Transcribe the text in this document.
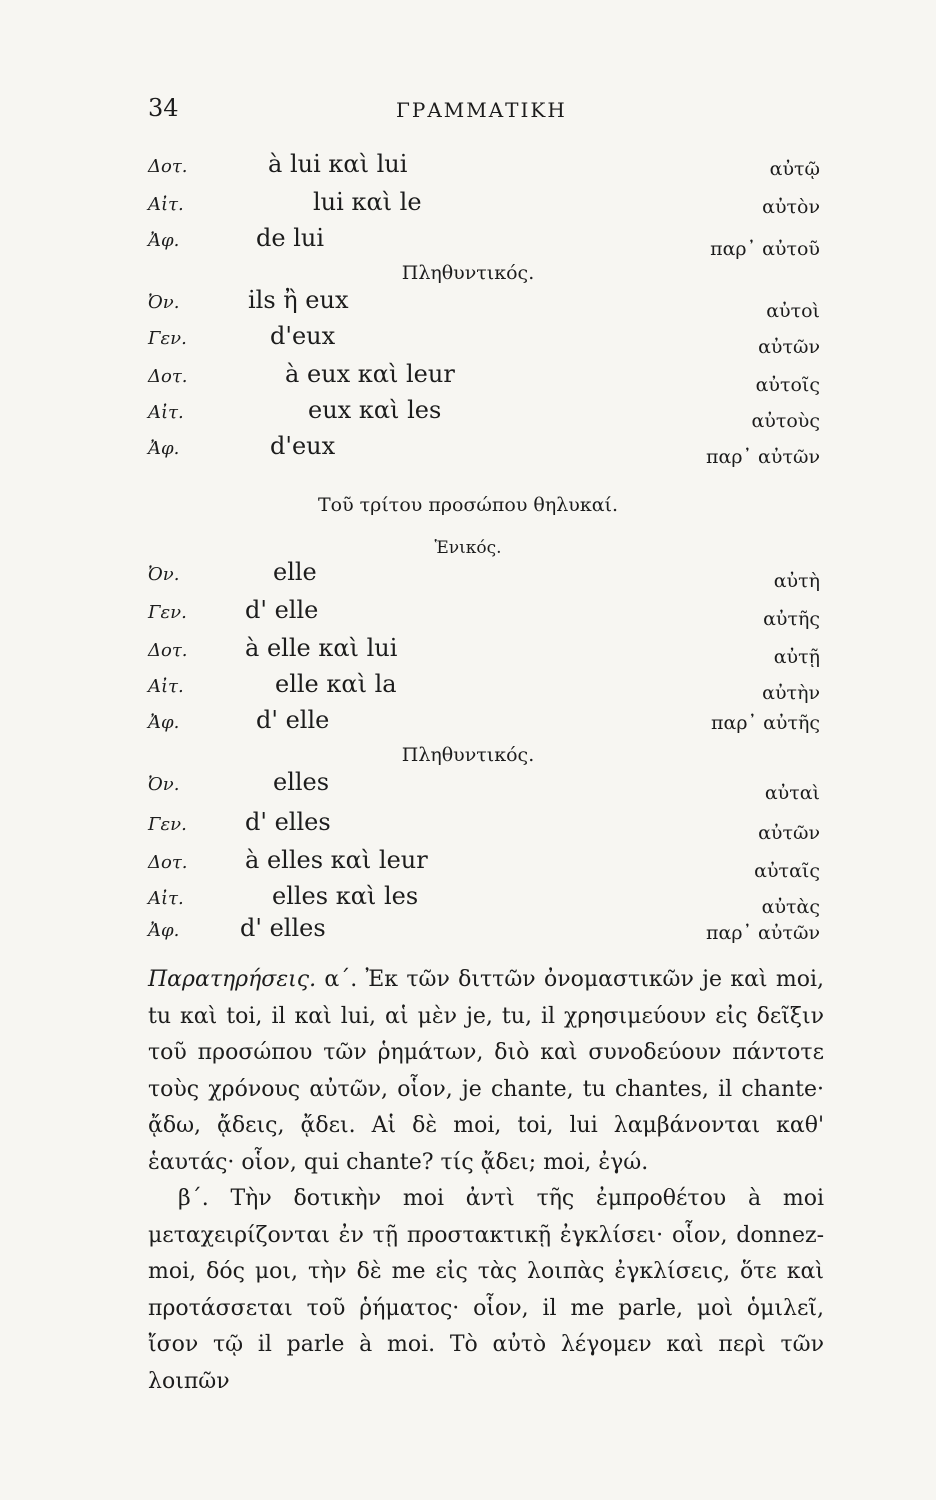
34	ΓΡΑΜΜΑΤΙΚΗ
Δοτ.	à lui καὶ lui	αὐτῷ
Αἰτ.	lui καὶ le	αὐτὸν
Ἀφ.	de lui	παρ᾽ αὐτοῦ
Πληθυντικός.
Ὀν.	ils ἢ eux	αὐτοὶ
Γεν.	d'eux	αὐτῶν
Δοτ.	à eux καὶ leur	αὐτοῖς
Αἰτ.	eux καὶ les	αὐτοὺς
Ἀφ.	d'eux	παρ᾽ αὐτῶν
Τοῦ τρίτου προσώπου θηλυκαί.
Ἑνικός.
Ὀν.	elle	αὐτὴ
Γεν. d' elle	αὐτῆς
Δοτ. à elle καὶ lui	αὐτῇ
Αἰτ.	elle καὶ la	αὐτὴν
Ἀφ.	d' elle	παρ᾽ αὐτῆς
Πληθυντικός.
Ὀν.	elles	αὐταὶ
Γεν. d' elles	αὐτῶν
Δοτ. à elles καὶ leur	αὐταῖς
Αἰτ.	elles καὶ les	αὐτὰς
Ἀφ.	d' elles	παρ᾽ αὐτῶν

Παρατηρήσεις. α΄. Ἐκ τῶν διττῶν ὀνομαστικῶν je καὶ moi, tu καὶ toi, il καὶ lui, αἱ μὲν je, tu, il χρησιμεύουν εἰς δεῖξιν τοῦ προσώπου τῶν ῥημάτων, διὸ καὶ συνοδεύουν πάντοτε τοὺς χρόνους αὐτῶν, οἷον, je chante, tu chantes, il chante· ᾄδω, ᾄδεις, ᾄδει. Αἱ δὲ moi, toi, lui λαμβάνονται καθ' ἑαυτάς· οἷον, qui chante? τίς ᾄδει; moi, ἐγώ.

β΄. Τὴν δοτικὴν moi ἀντὶ τῆς ἐμπροθέτου à moi μεταχειρίζονται ἐν τῇ προστακτικῇ ἐγκλίσει· οἷον, donnez-moi, δός μοι, τὴν δὲ me εἰς τὰς λοιπὰς ἐγκλίσεις, ὅτε καὶ προτάσσεται τοῦ ῥήματος· οἷον, il me parle, μοὶ ὁμιλεῖ, ἴσον τῷ il parle à moi. Τὸ αὐτὸ λέγομεν καὶ περὶ τῶν λοιπῶν
